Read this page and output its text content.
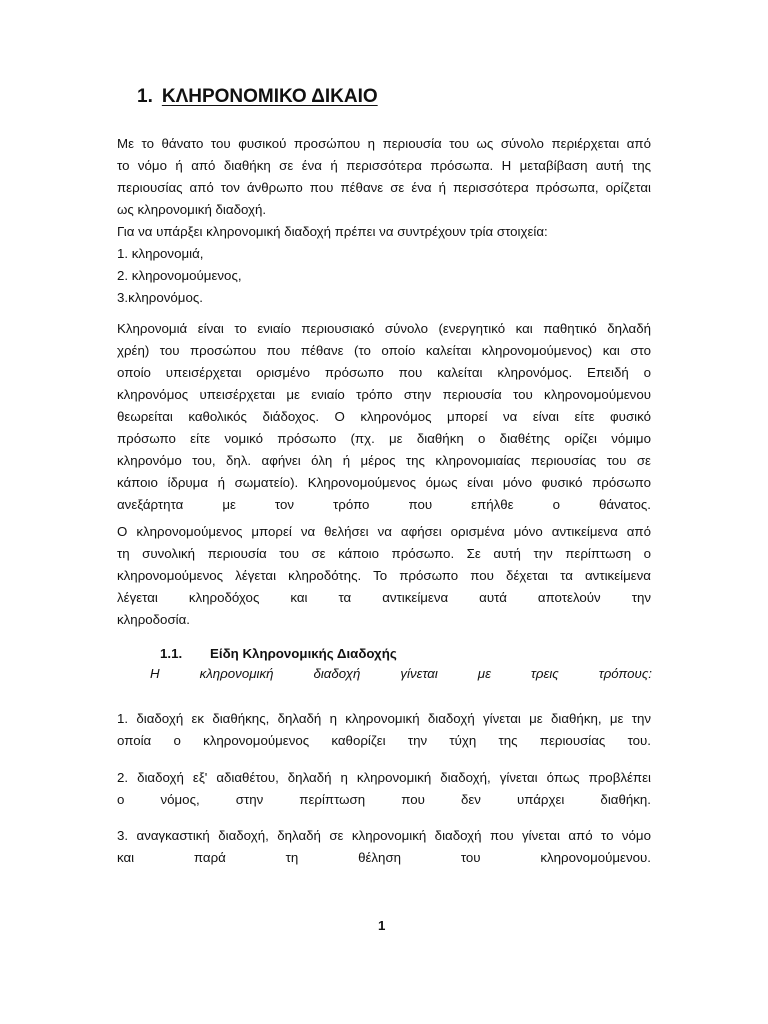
1. ΚΛΗΡΟΝΟΜΙΚΟ ΔΙΚΑΙΟ
Με το θάνατο του φυσικού προσώπου η περιουσία του ως σύνολο περιέρχεται από
το νόμο ή από διαθήκη σε ένα ή περισσότερα πρόσωπα. Η μεταβίβαση αυτή της
περιουσίας από τον άνθρωπο που πέθανε σε ένα ή περισσότερα πρόσωπα, ορίζεται
ως κληρονομική διαδοχή.
Για να υπάρξει κληρονομική διαδοχή πρέπει να συντρέχουν τρία στοιχεία:
1. κληρονομιά,
2. κληρονομούμενος,
3.κληρονόμος.
Κληρονομιά είναι το ενιαίο περιουσιακό σύνολο (ενεργητικό και παθητικό δηλαδή
χρέη) του προσώπου που πέθανε (το οποίο καλείται κληρονομούμενος) και στο
οποίο υπεισέρχεται ορισμένο πρόσωπο που καλείται κληρονόμος. Επειδή ο
κληρονόμος υπεισέρχεται με ενιαίο τρόπο στην περιουσία του κληρονομούμενου
θεωρείται καθολικός διάδοχος. Ο κληρονόμος μπορεί να είναι είτε φυσικό
πρόσωπο είτε νομικό πρόσωπο (πχ. με διαθήκη ο διαθέτης ορίζει νόμιμο
κληρονόμο του, δηλ. αφήνει όλη ή μέρος της κληρονομιαίας περιουσίας του σε
κάποιο ίδρυμα ή σωματείο). Κληρονομούμενος όμως είναι μόνο φυσικό πρόσωπο
ανεξάρτητα με τον τρόπο που επήλθε ο θάνατος.
Ο κληρονομούμενος μπορεί να θελήσει να αφήσει ορισμένα μόνο αντικείμενα από
τη συνολική περιουσία του σε κάποιο πρόσωπο. Σε αυτή την περίπτωση ο
κληρονομούμενος λέγεται κληροδότης. Το πρόσωπο που δέχεται τα αντικείμενα
λέγεται κληροδόχος και τα αντικείμενα αυτά αποτελούν την
κληροδοσία.
1.1. Είδη Κληρονομικής Διαδοχής
Η κληρονομική διαδοχή γίνεται με τρεις τρόπους:
1. διαδοχή εκ διαθήκης, δηλαδή η κληρονομική διαδοχή γίνεται με διαθήκη, με την
οποία ο κληρονομούμενος καθορίζει την τύχη της περιουσίας του.
2. διαδοχή εξ' αδιαθέτου, δηλαδή η κληρονομική διαδοχή, γίνεται όπως προβλέπει
ο νόμος, στην περίπτωση που δεν υπάρχει διαθήκη.
3. αναγκαστική διαδοχή, δηλαδή σε κληρονομική διαδοχή που γίνεται από το νόμο
και παρά τη θέληση του κληρονομούμενου.
1
